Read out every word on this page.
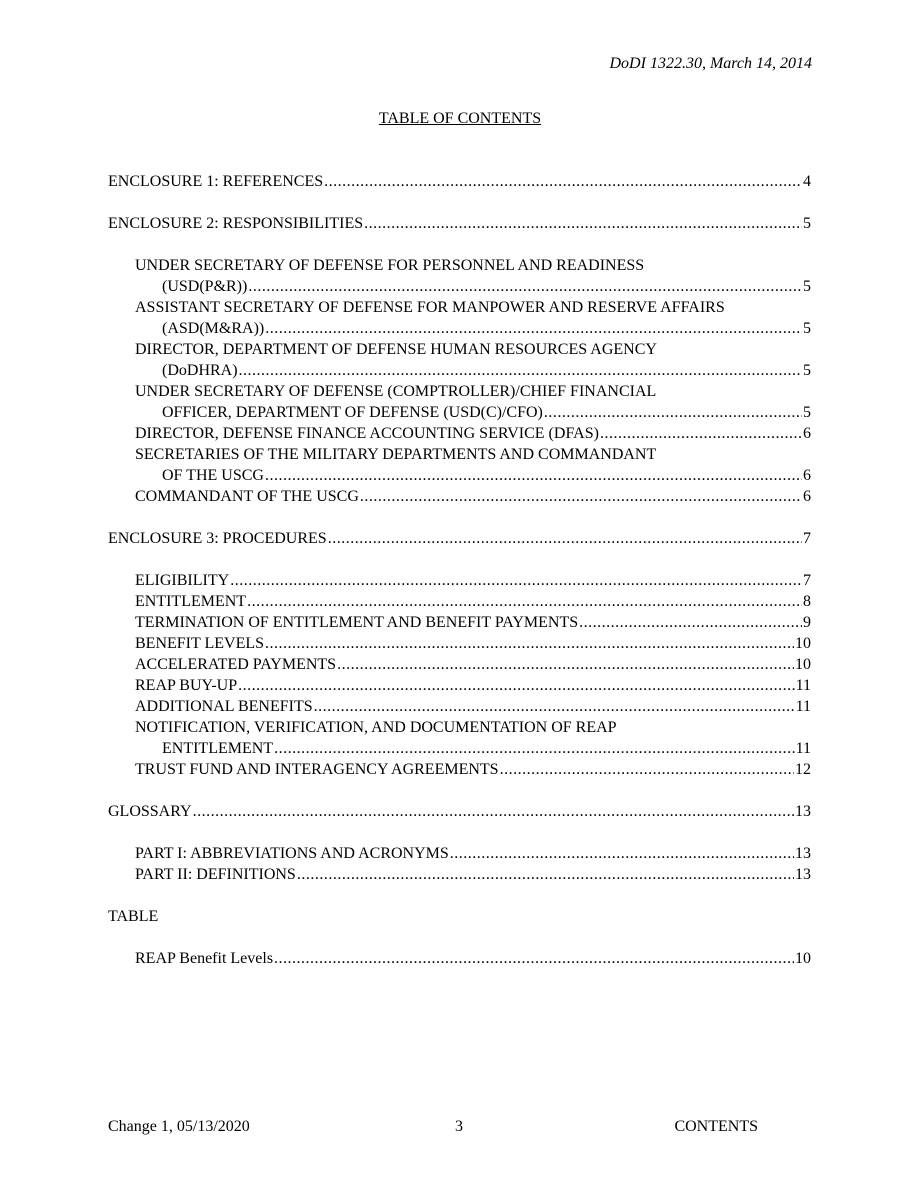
DoDI 1322.30, March 14, 2014
TABLE OF CONTENTS
ENCLOSURE 1: REFERENCES .....	4
ENCLOSURE 2: RESPONSIBILITIES .....	5
UNDER SECRETARY OF DEFENSE FOR PERSONNEL AND READINESS
(USD(P&R)) .....	5
ASSISTANT SECRETARY OF DEFENSE FOR MANPOWER AND RESERVE AFFAIRS
(ASD(M&RA)) .....	5
DIRECTOR, DEPARTMENT OF DEFENSE HUMAN RESOURCES AGENCY
(DoDHRA) .....	5
UNDER SECRETARY OF DEFENSE (COMPTROLLER)/CHIEF FINANCIAL
OFFICER, DEPARTMENT OF DEFENSE (USD(C)/CFO) .....	5
DIRECTOR, DEFENSE FINANCE ACCOUNTING SERVICE (DFAS) .....	6
SECRETARIES OF THE MILITARY DEPARTMENTS AND COMMANDANT
OF THE USCG .....	6
COMMANDANT OF THE USCG .....	6
ENCLOSURE 3: PROCEDURES .....	7
ELIGIBILITY .....	7
ENTITLEMENT .....	8
TERMINATION OF ENTITLEMENT AND BENEFIT PAYMENTS .....	9
BENEFIT LEVELS .....	10
ACCELERATED PAYMENTS .....	10
REAP BUY-UP .....	11
ADDITIONAL BENEFITS .....	11
NOTIFICATION, VERIFICATION, AND DOCUMENTATION OF REAP
ENTITLEMENT .....	11
TRUST FUND AND INTERAGENCY AGREEMENTS .....	12
GLOSSARY .....	13
PART I: ABBREVIATIONS AND ACRONYMS .....	13
PART II: DEFINITIONS .....	13
TABLE
REAP Benefit Levels .....	10
Change 1, 05/13/2020	3	CONTENTS
